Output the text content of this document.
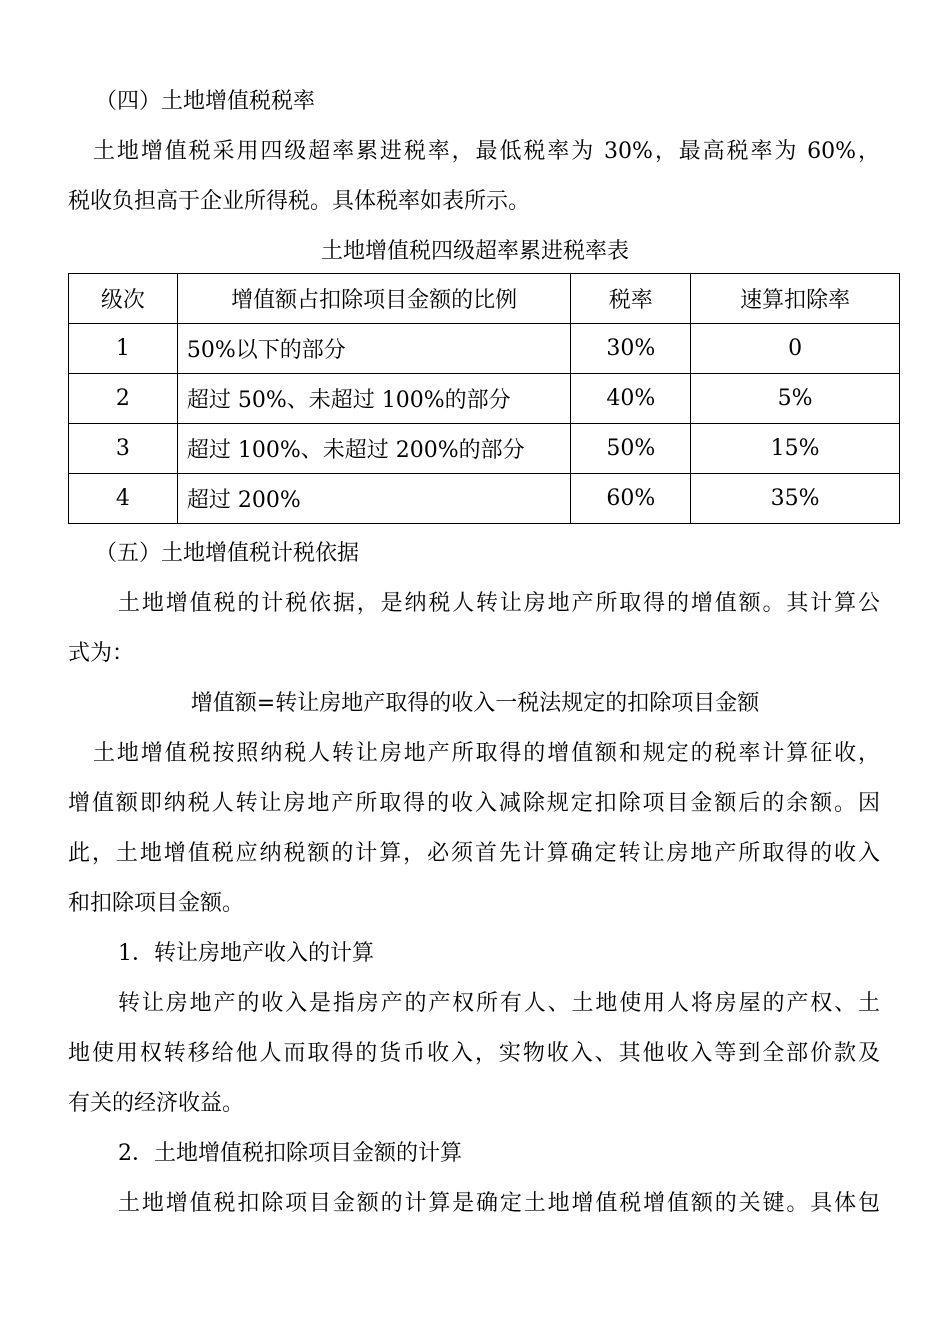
（四）土地增值税税率
土地增值税采用四级超率累进税率，最低税率为 30%，最高税率为 60%，
税收负担高于企业所得税。具体税率如表所示。
土地增值税四级超率累进税率表
级次	增值额占扣除项目金额的比例	税率	速算扣除率
1	50%以下的部分	30%	0
2	超过 50%、未超过 100%的部分	40%	5%
3	超过 100%、未超过 200%的部分	50%	15%
4	超过 200%	60%	35%
（五）土地增值税计税依据
土地增值税的计税依据，是纳税人转让房地产所取得的增值额。其计算公
式为：
增值额=转让房地产取得的收入一税法规定的扣除项目金额
土地增值税按照纳税人转让房地产所取得的增值额和规定的税率计算征收，
增值额即纳税人转让房地产所取得的收入减除规定扣除项目金额后的余额。因
此，土地增值税应纳税额的计算，必须首先计算确定转让房地产所取得的收入
和扣除项目金额。
1．转让房地产收入的计算
转让房地产的收入是指房产的产权所有人、土地使用人将房屋的产权、土
地使用权转移给他人而取得的货币收入，实物收入、其他收入等到全部价款及
有关的经济收益。
2．土地增值税扣除项目金额的计算
土地增值税扣除项目金额的计算是确定土地增值税增值额的关键。具体包
